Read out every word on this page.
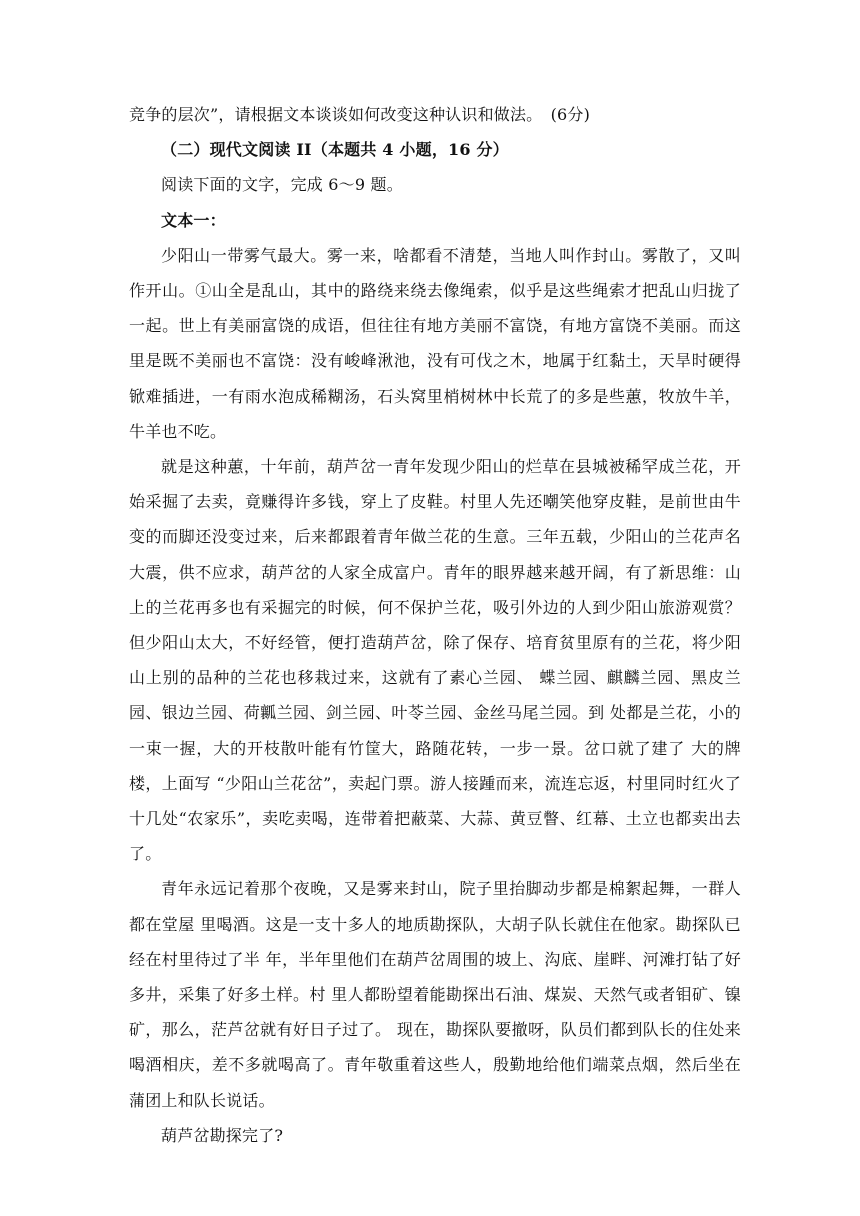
竞争的层次”，请根据文本谈谈如何改变这种认识和做法。　(6分)

（二）现代文阅读 II（本题共 4 小题，16 分）

阅读下面的文字，完成 6～9 题。

文本一：

少阳山一带雾气最大。雾一来，啥都看不清楚，当地人叫作封山。雾散了，又叫作开山。①山全是乱山，其中的路绕来绕去像绳索，似乎是这些绳索才把乱山归拢了一起。世上有美丽富饶的成语，但往往有地方美丽不富饶，有地方富饶不美丽。而这里是既不美丽也不富饶：没有峻峰湫池，没有可伐之木，地属于红黏土，天旱时硬得锨难插进，一有雨水泡成稀糊汤，石头窝里梢树林中长荒了的多是些蕙，牧放牛羊，牛羊也不吃。

就是这种蕙，十年前，葫芦岔一青年发现少阳山的烂草在县城被稀罕成兰花，开始采掘了去卖，竟赚得许多钱，穿上了皮鞋。村里人先还嘲笑他穿皮鞋，是前世由牛变的而脚还没变过来，后来都跟着青年做兰花的生意。三年五载，少阳山的兰花声名大震，供不应求，葫芦岔的人家全成富户。青年的眼界越来越开阔，有了新思维：山上的兰花再多也有采掘完的时候，何不保护兰花，吸引外边的人到少阳山旅游观赏？但少阳山太大，不好经管，便打造葫芦岔，除了保存、培育贫里原有的兰花，将少阳山上别的品种的兰花也移栽过来，这就有了素心兰园、 蝶兰园、麒麟兰园、黑皮兰园、银边兰园、荷瓤兰园、剑兰园、叶苓兰园、金丝马尾兰园。到 处都是兰花，小的一束一握，大的开枝散叶能有竹筐大，路随花转，一步一景。岔口就了建了 大的牌楼，上面写 “少阳山兰花岔”，卖起门票。游人接踵而来，流连忘返，村里同时红火了 十几处“农家乐”，卖吃卖喝，连带着把蔽菜、大蒜、黄豆瞥、红幕、土立也都卖出去了。

青年永远记着那个夜晚，又是雾来封山，院子里抬脚动步都是棉絮起舞，一群人都在堂屋 里喝酒。这是一支十多人的地质勘探队，大胡子队长就住在他家。勘探队已经在村里待过了半 年，半年里他们在葫芦岔周围的坡上、沟底、崖畔、河滩打钻了好多井，采集了好多土样。村 里人都盼望着能勘探出石油、煤炭、天然气或者钼矿、镍矿，那么，茫芦岔就有好日子过了。 现在，勘探队要撤呀，队员们都到队长的住处来喝酒相庆，差不多就喝高了。青年敬重着这些人，殷勤地给他们端菜点烟，然后坐在蒲团上和队长说话。

葫芦岔勘探完了?
